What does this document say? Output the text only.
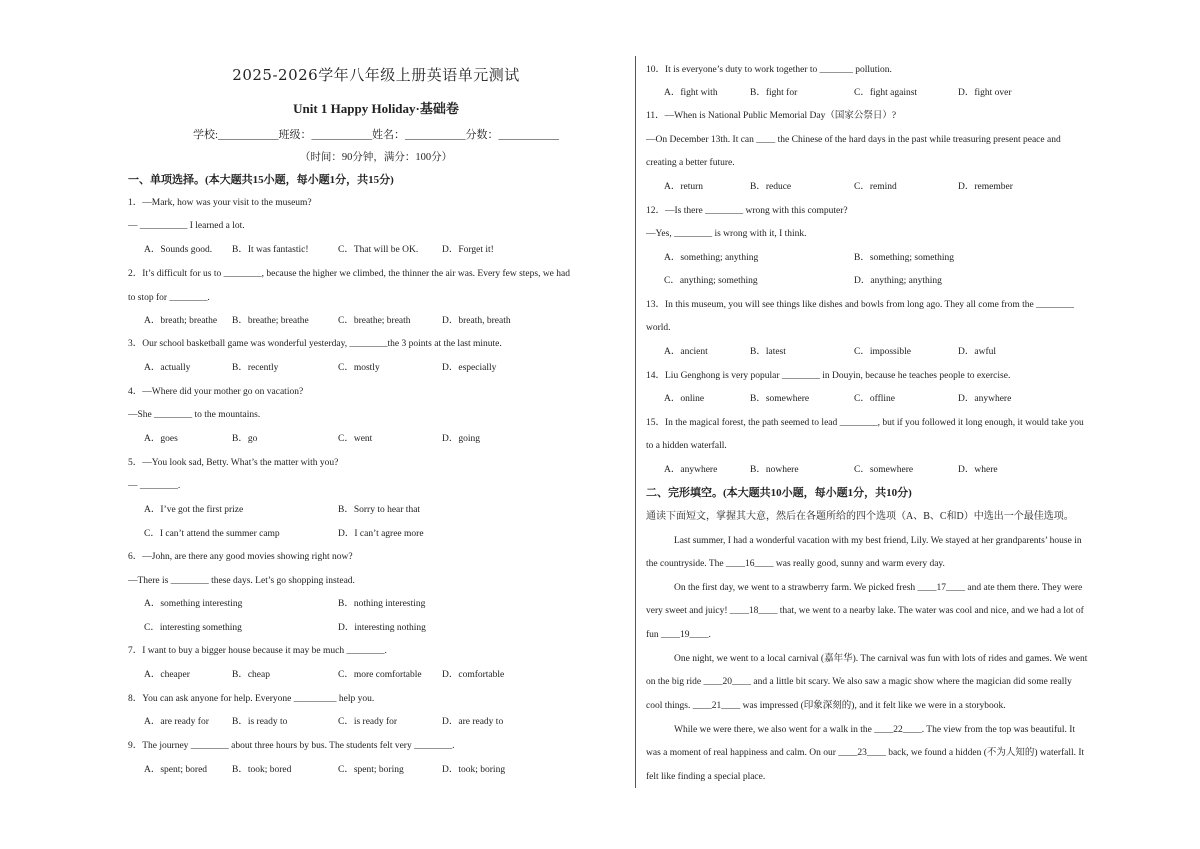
2025-2026学年八年级上册英语单元测试
Unit 1 Happy Holiday·基础卷
学校:___________班级：___________姓名：___________分数：___________
（时间：90分钟，满分：100分）
一、单项选择。(本大题共15小题，每小题1分，共15分)
1．—Mark, how was your visit to the museum?
— __________ I learned a lot.
A．Sounds good. B．It was fantastic!	C．That will be OK.	D．Forget it!
2．It’s difficult for us to ________, because the higher we climbed, the thinner the air was. Every few steps, we had
to stop for ________.
A．breath; breathe B．breathe; breathe	C．breathe; breath	D．breath, breath
3．Our school basketball game was wonderful yesterday, ________the 3 points at the last minute.
A．actually	B．recently	C．mostly	D．especially
4．—Where did your mother go on vacation?
—She ________ to the mountains.
A．goes	B．go	C．went	D．going
5．—You look sad, Betty. What’s the matter with you?
— ________.
A．I’ve got the first prize	B．Sorry to hear that
C．I can’t attend the summer camp	D．I can’t agree more
6．—John, are there any good movies showing right now?
—There is ________ these days. Let’s go shopping instead.
A．something interesting	B．nothing interesting
C．interesting something	D．interesting nothing
7．I want to buy a bigger house because it may be much ________.
A．cheaper	B．cheap	C．more comfortable D．comfortable
8．You can ask anyone for help. Everyone _________ help you.
A．are ready for B．is ready to	C．is ready for	D．are ready to
9．The journey ________ about three hours by bus. The students felt very ________.
A．spent; bored	B．took; bored	C．spent; boring	D．took; boring
10．It is everyone’s duty to work together to _______ pollution.
A．fight with	B．fight for	C．fight against	D．fight over
11．—When is National Public Memorial Day（国家公祭日）?
—On December 13th. It can ____ the Chinese of the hard days in the past while treasuring present peace and
creating a better future.
A．return	B．reduce	C．remind	D．remember
12．—Is there ________ wrong with this computer?
—Yes, ________ is wrong with it, I think.
A．something; anything	B．something; something
C．anything; something	D．anything; anything
13．In this museum, you will see things like dishes and bowls from long ago. They all come from the ________
world.
A．ancient	B．latest	C．impossible	D．awful
14．Liu Genghong is very popular ________ in Douyin, because he teaches people to exercise.
A．online	B．somewhere	C．offline	D．anywhere
15．In the magical forest, the path seemed to lead ________, but if you followed it long enough, it would take you
to a hidden waterfall.
A．anywhere	B．nowhere	C．somewhere	D．where
二、完形填空。(本大题共10小题，每小题1分，共10分)
通读下面短文，掌握其大意，然后在各题所给的四个选项（A、B、C和D）中选出一个最佳选项。
Last summer, I had a wonderful vacation with my best friend, Lily. We stayed at her grandparents’ house in
the countryside. The ____16____ was really good, sunny and warm every day.
On the first day, we went to a strawberry farm. We picked fresh ____17____ and ate them there. They were
very sweet and juicy! ____18____ that, we went to a nearby lake. The water was cool and nice, and we had a lot of
fun ____19____.
One night, we went to a local carnival (嘉年华). The carnival was fun with lots of rides and games. We went
on the big ride ____20____ and a little bit scary. We also saw a magic show where the magician did some really
cool things. ____21____ was impressed (印象深刻的), and it felt like we were in a storybook.
While we were there, we also went for a walk in the ____22____. The view from the top was beautiful. It
was a moment of real happiness and calm. On our ____23____ back, we found a hidden (不为人知的) waterfall. It
felt like finding a special place.
